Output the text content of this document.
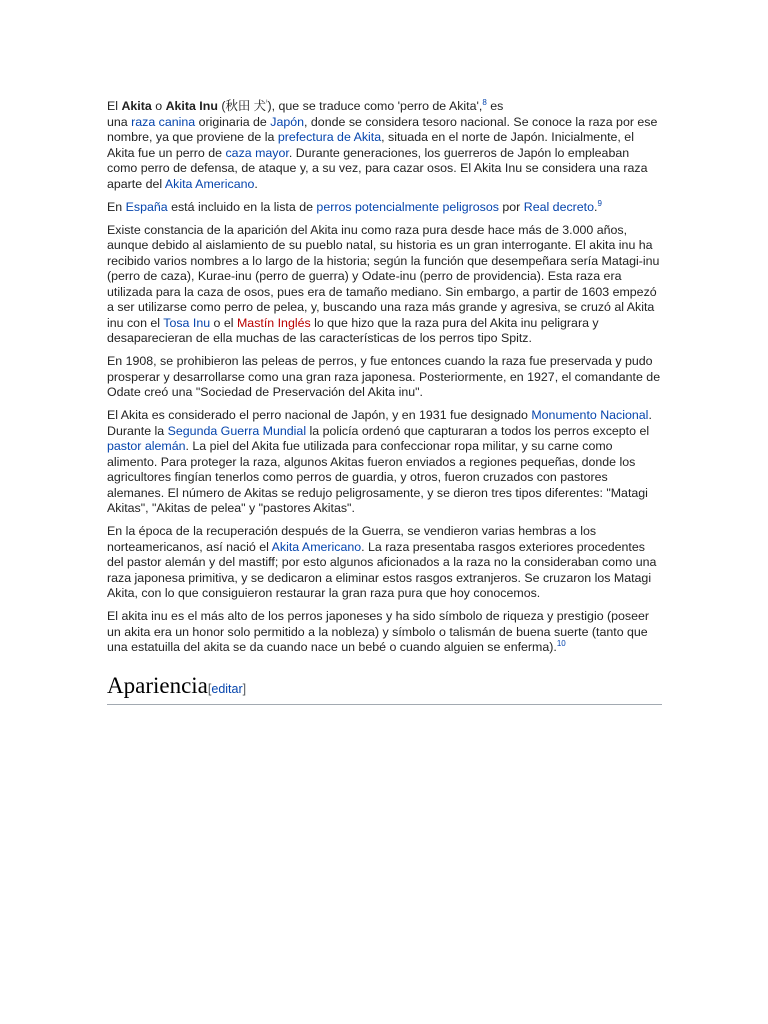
El Akita o Akita Inu (秋田 犬$^{^i}$), que se traduce como 'perro de Akita',$^8$ es
una raza canina originaria de Japón, donde se considera tesoro nacional. Se conoce la raza por ese nombre, ya que proviene de la prefectura de Akita, situada en el norte de Japón. Inicialmente, el Akita fue un perro de caza mayor. Durante generaciones, los guerreros de Japón lo empleaban como perro de defensa, de ataque y, a su vez, para cazar osos. El Akita Inu se considera una raza aparte del Akita Americano.

En España está incluido en la lista de perros potencialmente peligrosos por Real decreto.$^9$

Existe constancia de la aparición del Akita inu como raza pura desde hace más de 3.000 años, aunque debido al aislamiento de su pueblo natal, su historia es un gran interrogante. El akita inu ha recibido varios nombres a lo largo de la historia; según la función que desempeñara sería Matagi-inu (perro de caza), Kurae-inu (perro de guerra) y Odate-inu (perro de providencia). Esta raza era utilizada para la caza de osos, pues era de tamaño mediano. Sin embargo, a partir de 1603 empezó a ser utilizarse como perro de pelea, y, buscando una raza más grande y agresiva, se cruzó al Akita inu con el Tosa Inu o el Mastín Inglés lo que hizo que la raza pura del Akita inu peligrara y desaparecieran de ella muchas de las características de los perros tipo Spitz.

En 1908, se prohibieron las peleas de perros, y fue entonces cuando la raza fue preservada y pudo prosperar y desarrollarse como una gran raza japonesa. Posteriormente, en 1927, el comandante de Odate creó una "Sociedad de Preservación del Akita inu".

El Akita es considerado el perro nacional de Japón, y en 1931 fue designado Monumento Nacional. Durante la Segunda Guerra Mundial la policía ordenó que capturaran a todos los perros excepto el pastor alemán. La piel del Akita fue utilizada para confeccionar ropa militar, y su carne como alimento. Para proteger la raza, algunos Akitas fueron enviados a regiones pequeñas, donde los agricultores fingían tenerlos como perros de guardia, y otros, fueron cruzados con pastores alemanes. El número de Akitas se redujo peligrosamente, y se dieron tres tipos diferentes: "Matagi Akitas", "Akitas de pelea" y "pastores Akitas".

En la época de la recuperación después de la Guerra, se vendieron varias hembras a los norteamericanos, así nació el Akita Americano. La raza presentaba rasgos exteriores procedentes del pastor alemán y del mastiff; por esto algunos aficionados a la raza no la consideraban como una raza japonesa primitiva, y se dedicaron a eliminar estos rasgos extranjeros. Se cruzaron los Matagi Akita, con lo que consiguieron restaurar la gran raza pura que hoy conocemos.

El akita inu es el más alto de los perros japoneses y ha sido símbolo de riqueza y prestigio (poseer un akita era un honor solo permitido a la nobleza) y símbolo o talismán de buena suerte (tanto que una estatuilla del akita se da cuando nace un bebé o cuando alguien se enferma).$^{10}$

Apariencia[editar]
